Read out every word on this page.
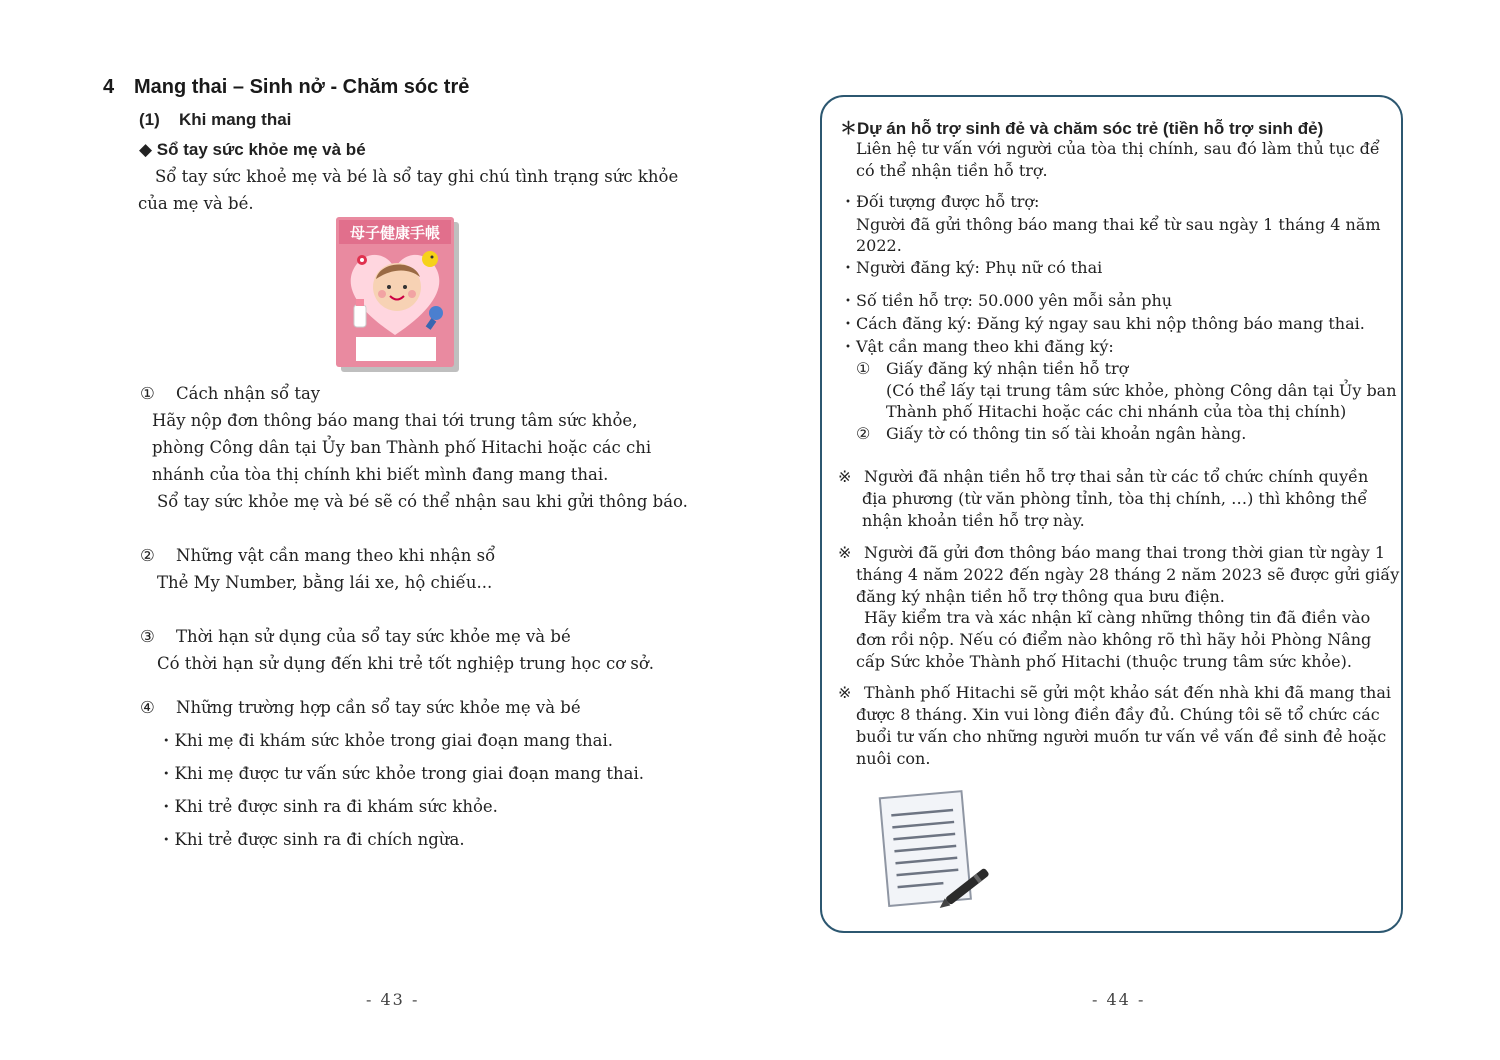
4 Mang thai – Sinh nở - Chăm sóc trẻ
(1) Khi mang thai
◆ Sổ tay sức khỏe mẹ và bé
Sổ tay sức khoẻ mẹ và bé là sổ tay ghi chú tình trạng sức khỏe
của mẹ và bé.
母子健康手帳
① Cách nhận sổ tay
Hãy nộp đơn thông báo mang thai tới trung tâm sức khỏe,
phòng Công dân tại Ủy ban Thành phố Hitachi hoặc các chi
nhánh của tòa thị chính khi biết mình đang mang thai.
Sổ tay sức khỏe mẹ và bé sẽ có thể nhận sau khi gửi thông báo.
② Những vật cần mang theo khi nhận sổ
Thẻ My Number, bằng lái xe, hộ chiếu...
③ Thời hạn sử dụng của sổ tay sức khỏe mẹ và bé
Có thời hạn sử dụng đến khi trẻ tốt nghiệp trung học cơ sở.
④ Những trường hợp cần sổ tay sức khỏe mẹ và bé
・Khi mẹ đi khám sức khỏe trong giai đoạn mang thai.
・Khi mẹ được tư vấn sức khỏe trong giai đoạn mang thai.
・Khi trẻ được sinh ra đi khám sức khỏe.
・Khi trẻ được sinh ra đi chích ngừa.
- 43 -
＊Dự án hỗ trợ sinh đẻ và chăm sóc trẻ (tiền hỗ trợ sinh đẻ)
Liên hệ tư vấn với người của tòa thị chính, sau đó làm thủ tục để
có thể nhận tiền hỗ trợ.
・Đối tượng được hỗ trợ:
Người đã gửi thông báo mang thai kể từ sau ngày 1 tháng 4 năm
2022.
・Người đăng ký: Phụ nữ có thai
・Số tiền hỗ trợ: 50.000 yên mỗi sản phụ
・Cách đăng ký: Đăng ký ngay sau khi nộp thông báo mang thai.
・Vật cần mang theo khi đăng ký:
① Giấy đăng ký nhận tiền hỗ trợ
(Có thể lấy tại trung tâm sức khỏe, phòng Công dân tại Ủy ban
Thành phố Hitachi hoặc các chi nhánh của tòa thị chính)
② Giấy tờ có thông tin số tài khoản ngân hàng.
※ Người đã nhận tiền hỗ trợ thai sản từ các tổ chức chính quyền
địa phương (từ văn phòng tỉnh, tòa thị chính, …) thì không thể
nhận khoản tiền hỗ trợ này.
※ Người đã gửi đơn thông báo mang thai trong thời gian từ ngày 1
tháng 4 năm 2022 đến ngày 28 tháng 2 năm 2023 sẽ được gửi giấy
đăng ký nhận tiền hỗ trợ thông qua bưu điện.
Hãy kiểm tra và xác nhận kĩ càng những thông tin đã điền vào
đơn rồi nộp. Nếu có điểm nào không rõ thì hãy hỏi Phòng Nâng
cấp Sức khỏe Thành phố Hitachi (thuộc trung tâm sức khỏe).
※ Thành phố Hitachi sẽ gửi một khảo sát đến nhà khi đã mang thai
được 8 tháng. Xin vui lòng điền đầy đủ. Chúng tôi sẽ tổ chức các
buổi tư vấn cho những người muốn tư vấn về vấn đề sinh đẻ hoặc
nuôi con.
- 44 -
